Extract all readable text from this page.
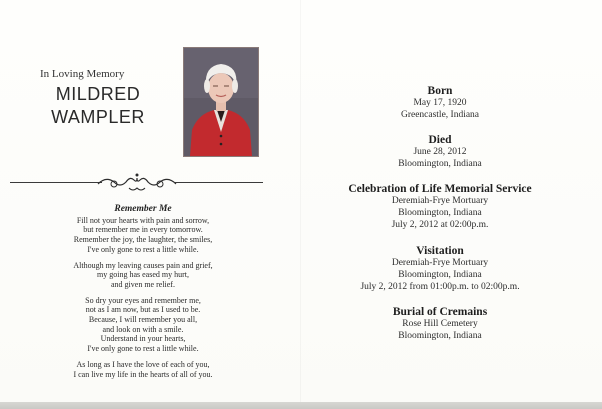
In Loving Memory
MILDRED
WAMPLER
Remember Me
Fill not your hearts with pain and sorrow,
but remember me in every tomorrow.
Remember the joy, the laughter, the smiles,
I've only gone to rest a little while.
Although my leaving causes pain and grief,
my going has eased my hurt,
and given me relief.
So dry your eyes and remember me,
not as I am now, but as I used to be.
Because, I will remember you all,
and look on with a smile.
Understand in your hearts,
I've only gone to rest a little while.
As long as I have the love of each of you,
I can live my life in the hearts of all of you.
Born
May 17, 1920
Greencastle, Indiana
Died
June 28, 2012
Bloomington, Indiana
Celebration of Life Memorial Service
Deremiah-Frye Mortuary
Bloomington, Indiana
July 2, 2012 at 02:00p.m.
Visitation
Deremiah-Frye Mortuary
Bloomington, Indiana
July 2, 2012 from 01:00p.m. to 02:00p.m.
Burial of Cremains
Rose Hill Cemetery
Bloomington, Indiana
